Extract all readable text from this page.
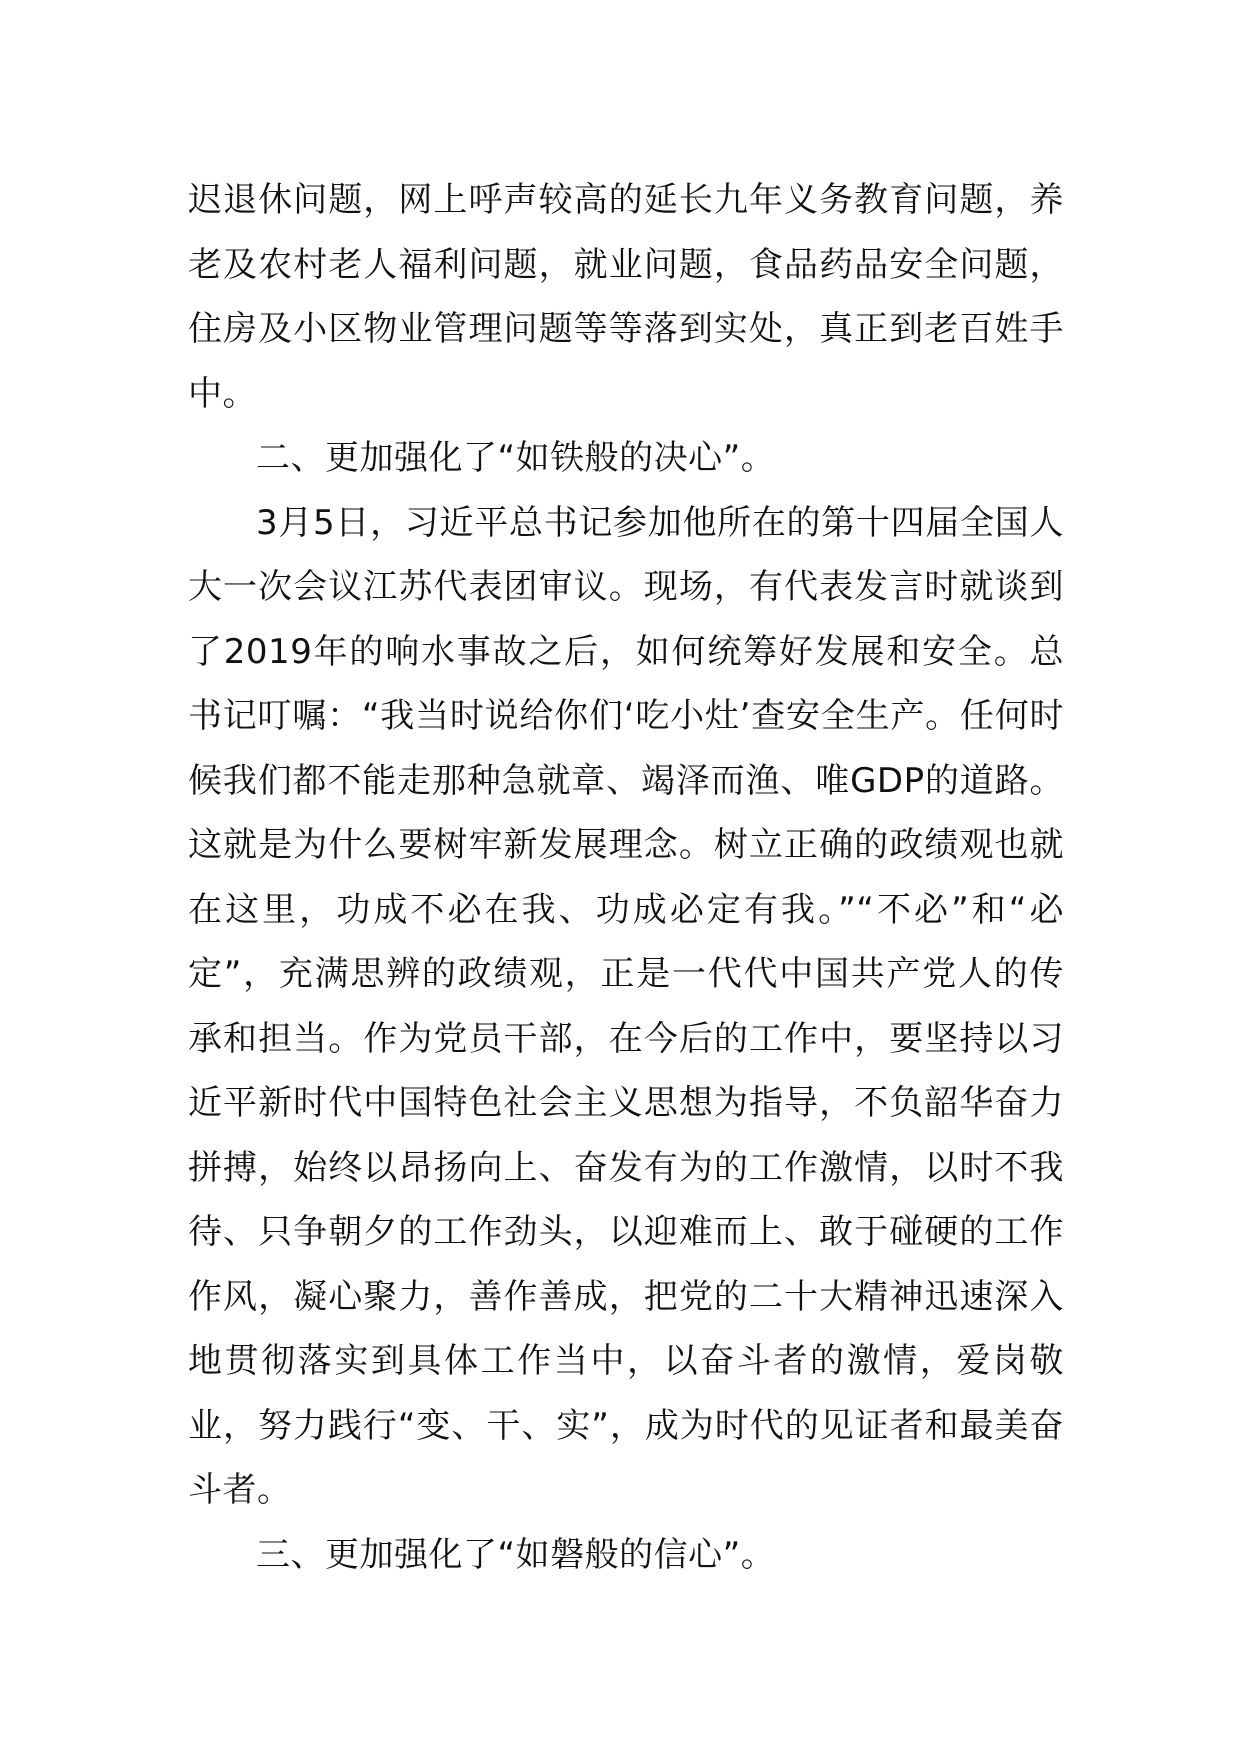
迟退休问题，网上呼声较高的延长九年义务教育问题，养老及农村老人福利问题，就业问题，食品药品安全问题，住房及小区物业管理问题等等落到实处，真正到老百姓手中。

二、更加强化了“如铁般的决心”。

3月5日，习近平总书记参加他所在的第十四届全国人大一次会议江苏代表团审议。现场，有代表发言时就谈到了2019年的响水事故之后，如何统筹好发展和安全。总书记叮嘱：“我当时说给你们‘吃小灶’查安全生产。任何时候我们都不能走那种急就章、竭泽而渔、唯GDP的道路。这就是为什么要树牢新发展理念。树立正确的政绩观也就在这里，功成不必在我、功成必定有我。”“不必”和“必定”，充满思辨的政绩观，正是一代代中国共产党人的传承和担当。作为党员干部，在今后的工作中，要坚持以习近平新时代中国特色社会主义思想为指导，不负韶华奋力拼搏，始终以昂扬向上、奋发有为的工作激情，以时不我待、只争朝夕的工作劲头，以迎难而上、敢于碰硬的工作作风，凝心聚力，善作善成，把党的二十大精神迅速深入地贯彻落实到具体工作当中，以奋斗者的激情，爱岗敬业，努力践行“变、干、实”，成为时代的见证者和最美奋斗者。

三、更加强化了“如磐般的信心”。
